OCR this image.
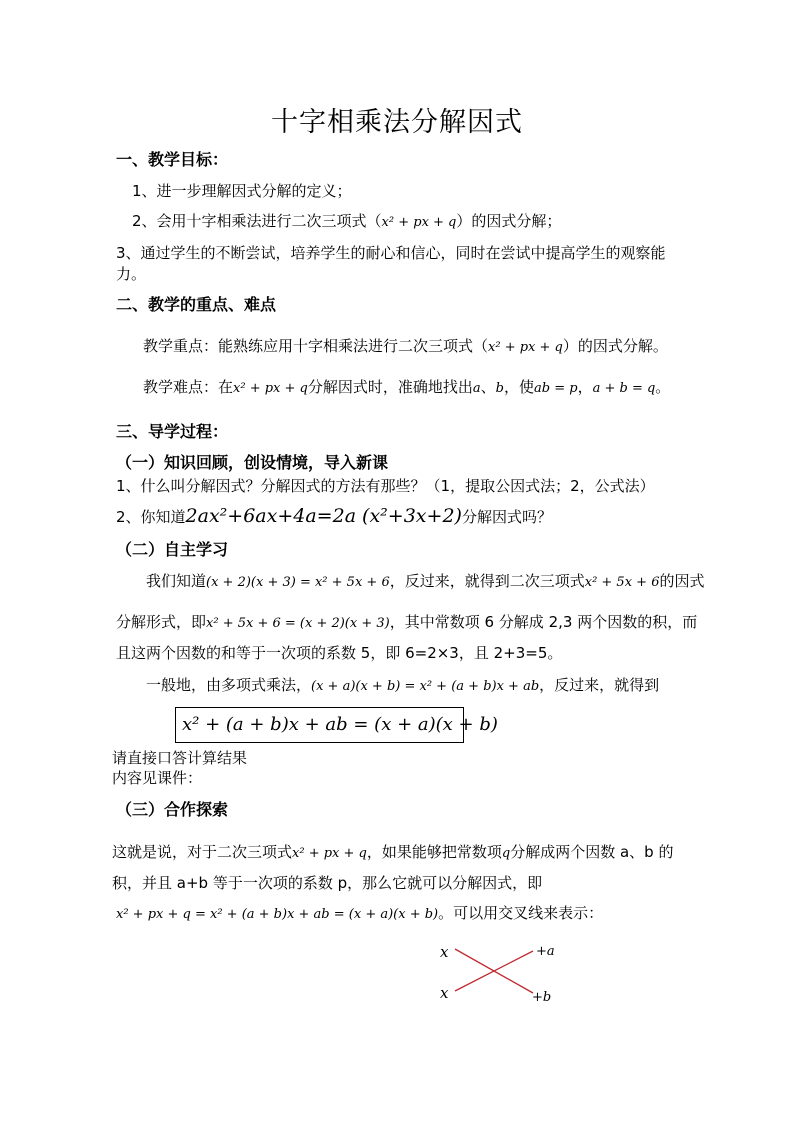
十字相乘法分解因式
一、教学目标：
1、进一步理解因式分解的定义；
2、会用十字相乘法进行二次三项式（x² + px + q）的因式分解；
3、通过学生的不断尝试，培养学生的耐心和信心，同时在尝试中提高学生的观察能
力。
二、教学的重点、难点
教学重点：能熟练应用十字相乘法进行二次三项式（x² + px + q）的因式分解。
教学难点：在x² + px + q分解因式时，准确地找出a、b，使ab = p，a + b = q。
三、导学过程：
（一）知识回顾，创设情境，导入新课
1、什么叫分解因式？分解因式的方法有那些？（1，提取公因式法；2，公式法）
2、你知道2ax²+6ax+4a=2a (x²+3x+2)分解因式吗？
（二）自主学习
我们知道(x + 2)(x + 3) = x² + 5x + 6，反过来，就得到二次三项式x² + 5x + 6的因式
分解形式，即x² + 5x + 6 = (x + 2)(x + 3)，其中常数项 6 分解成 2,3 两个因数的积，而
且这两个因数的和等于一次项的系数 5，即 6=2×3，且 2+3=5。
一般地，由多项式乘法，(x + a)(x + b) = x² + (a + b)x + ab，反过来，就得到
x² + (a + b)x + ab = (x + a)(x + b)
请直接口答计算结果
内容见课件：
（三）合作探索
这就是说，对于二次三项式x² + px + q，如果能够把常数项q分解成两个因数 a、b 的
积，并且 a+b 等于一次项的系数 p，那么它就可以分解因式，即
x² + px + q = x² + (a + b)x + ab = (x + a)(x + b)。可以用交叉线来表示：
x
x
+a
+b
